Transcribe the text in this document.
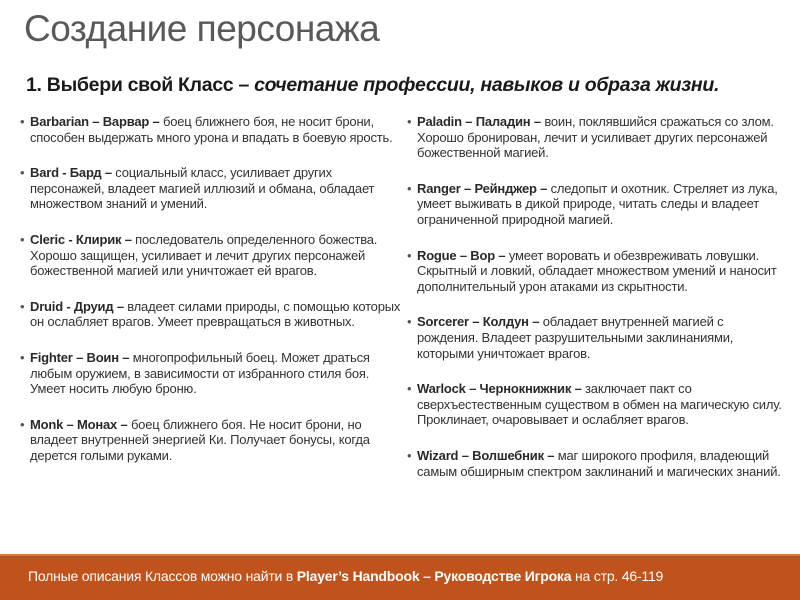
Создание персонажа
1. Выбери свой Класс – сочетание профессии, навыков и образа жизни.
• Barbarian – Варвар – боец ближнего боя, не носит брони, способен выдержать много урона и впадать в боевую ярость.
• Bard - Бард – социальный класс, усиливает других персонажей, владеет магией иллюзий и обмана, обладает множеством знаний и умений.
• Cleric - Клирик – последователь определенного божества. Хорошо защищен, усиливает и лечит других персонажей божественной магией или уничтожает ей врагов.
• Druid - Друид – владеет силами природы, с помощью которых он ослабляет врагов. Умеет превращаться в животных.
• Fighter – Воин – многопрофильный боец. Может драться любым оружием, в зависимости от избранного стиля боя. Умеет носить любую броню.
• Monk – Монах – боец ближнего боя. Не носит брони, но владеет внутренней энергией Ки. Получает бонусы, когда дерется голыми руками.
• Paladin – Паладин – воин, поклявшийся сражаться со злом. Хорошо бронирован, лечит и усиливает других персонажей божественной магией.
• Ranger – Рейнджер – следопыт и охотник. Стреляет из лука, умеет выживать в дикой природе, читать следы и владеет ограниченной природной магией.
• Rogue – Вор – умеет воровать и обезвреживать ловушки. Скрытный и ловкий, обладает множеством умений и наносит дополнительный урон атаками из скрытности.
• Sorcerer – Колдун – обладает внутренней магией с рождения. Владеет разрушительными заклинаниями, которыми уничтожает врагов.
• Warlock – Чернокнижник – заключает пакт со сверхъестественным существом в обмен на магическую силу. Проклинает, очаровывает и ослабляет врагов.
• Wizard – Волшебник – маг широкого профиля, владеющий самым обширным спектром заклинаний и магических знаний.
Полные описания Классов можно найти в Player’s Handbook – Руководстве Игрока на стр. 46-119
